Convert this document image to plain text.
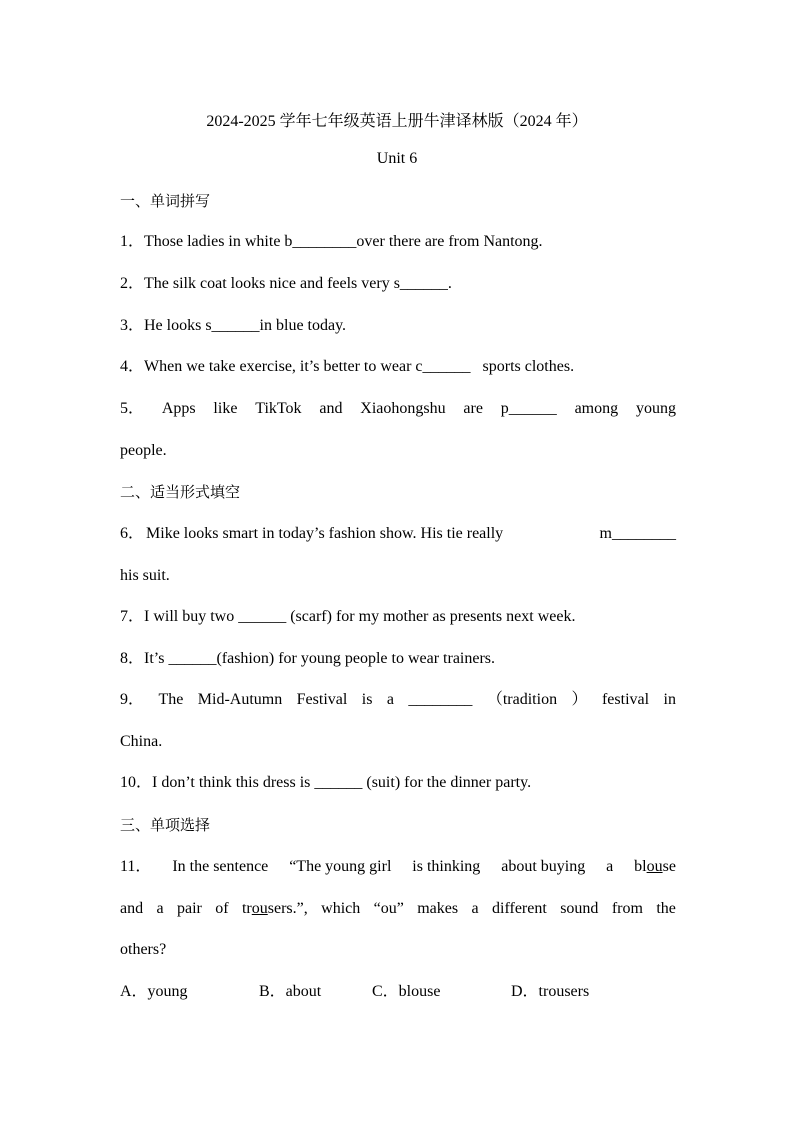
2024-2025 学年七年级英语上册牛津译林版（2024 年）
Unit 6
一、单词拼写
1．Those ladies in white b________over there are from Nantong.
2．The silk coat looks nice and feels very s______.
3．He looks s______in blue today.
4．When we take exercise, it’s better to wear c______   sports clothes.
5． Apps like TikTok and Xiaohongshu are p______ among young
people.
二、适当形式填空
6． Mike looks smart in today’s fashion show. His tie really	m________
his suit.
7．I will buy two ______ (scarf) for my mother as presents next week.
8．It’s ______(fashion) for young people to wear trainers.
9． The Mid-Autumn Festival is a ________ （tradition ） festival in
China.
10．I don’t think this dress is ______ (suit) for the dinner party.
三、单项选择
11． In the sentence “The young girl is thinking about buying a blouse
and a pair of trousers.”, which “ou” makes a different sound from the
others?
A．young	B．about	C．blouse	D．trousers
